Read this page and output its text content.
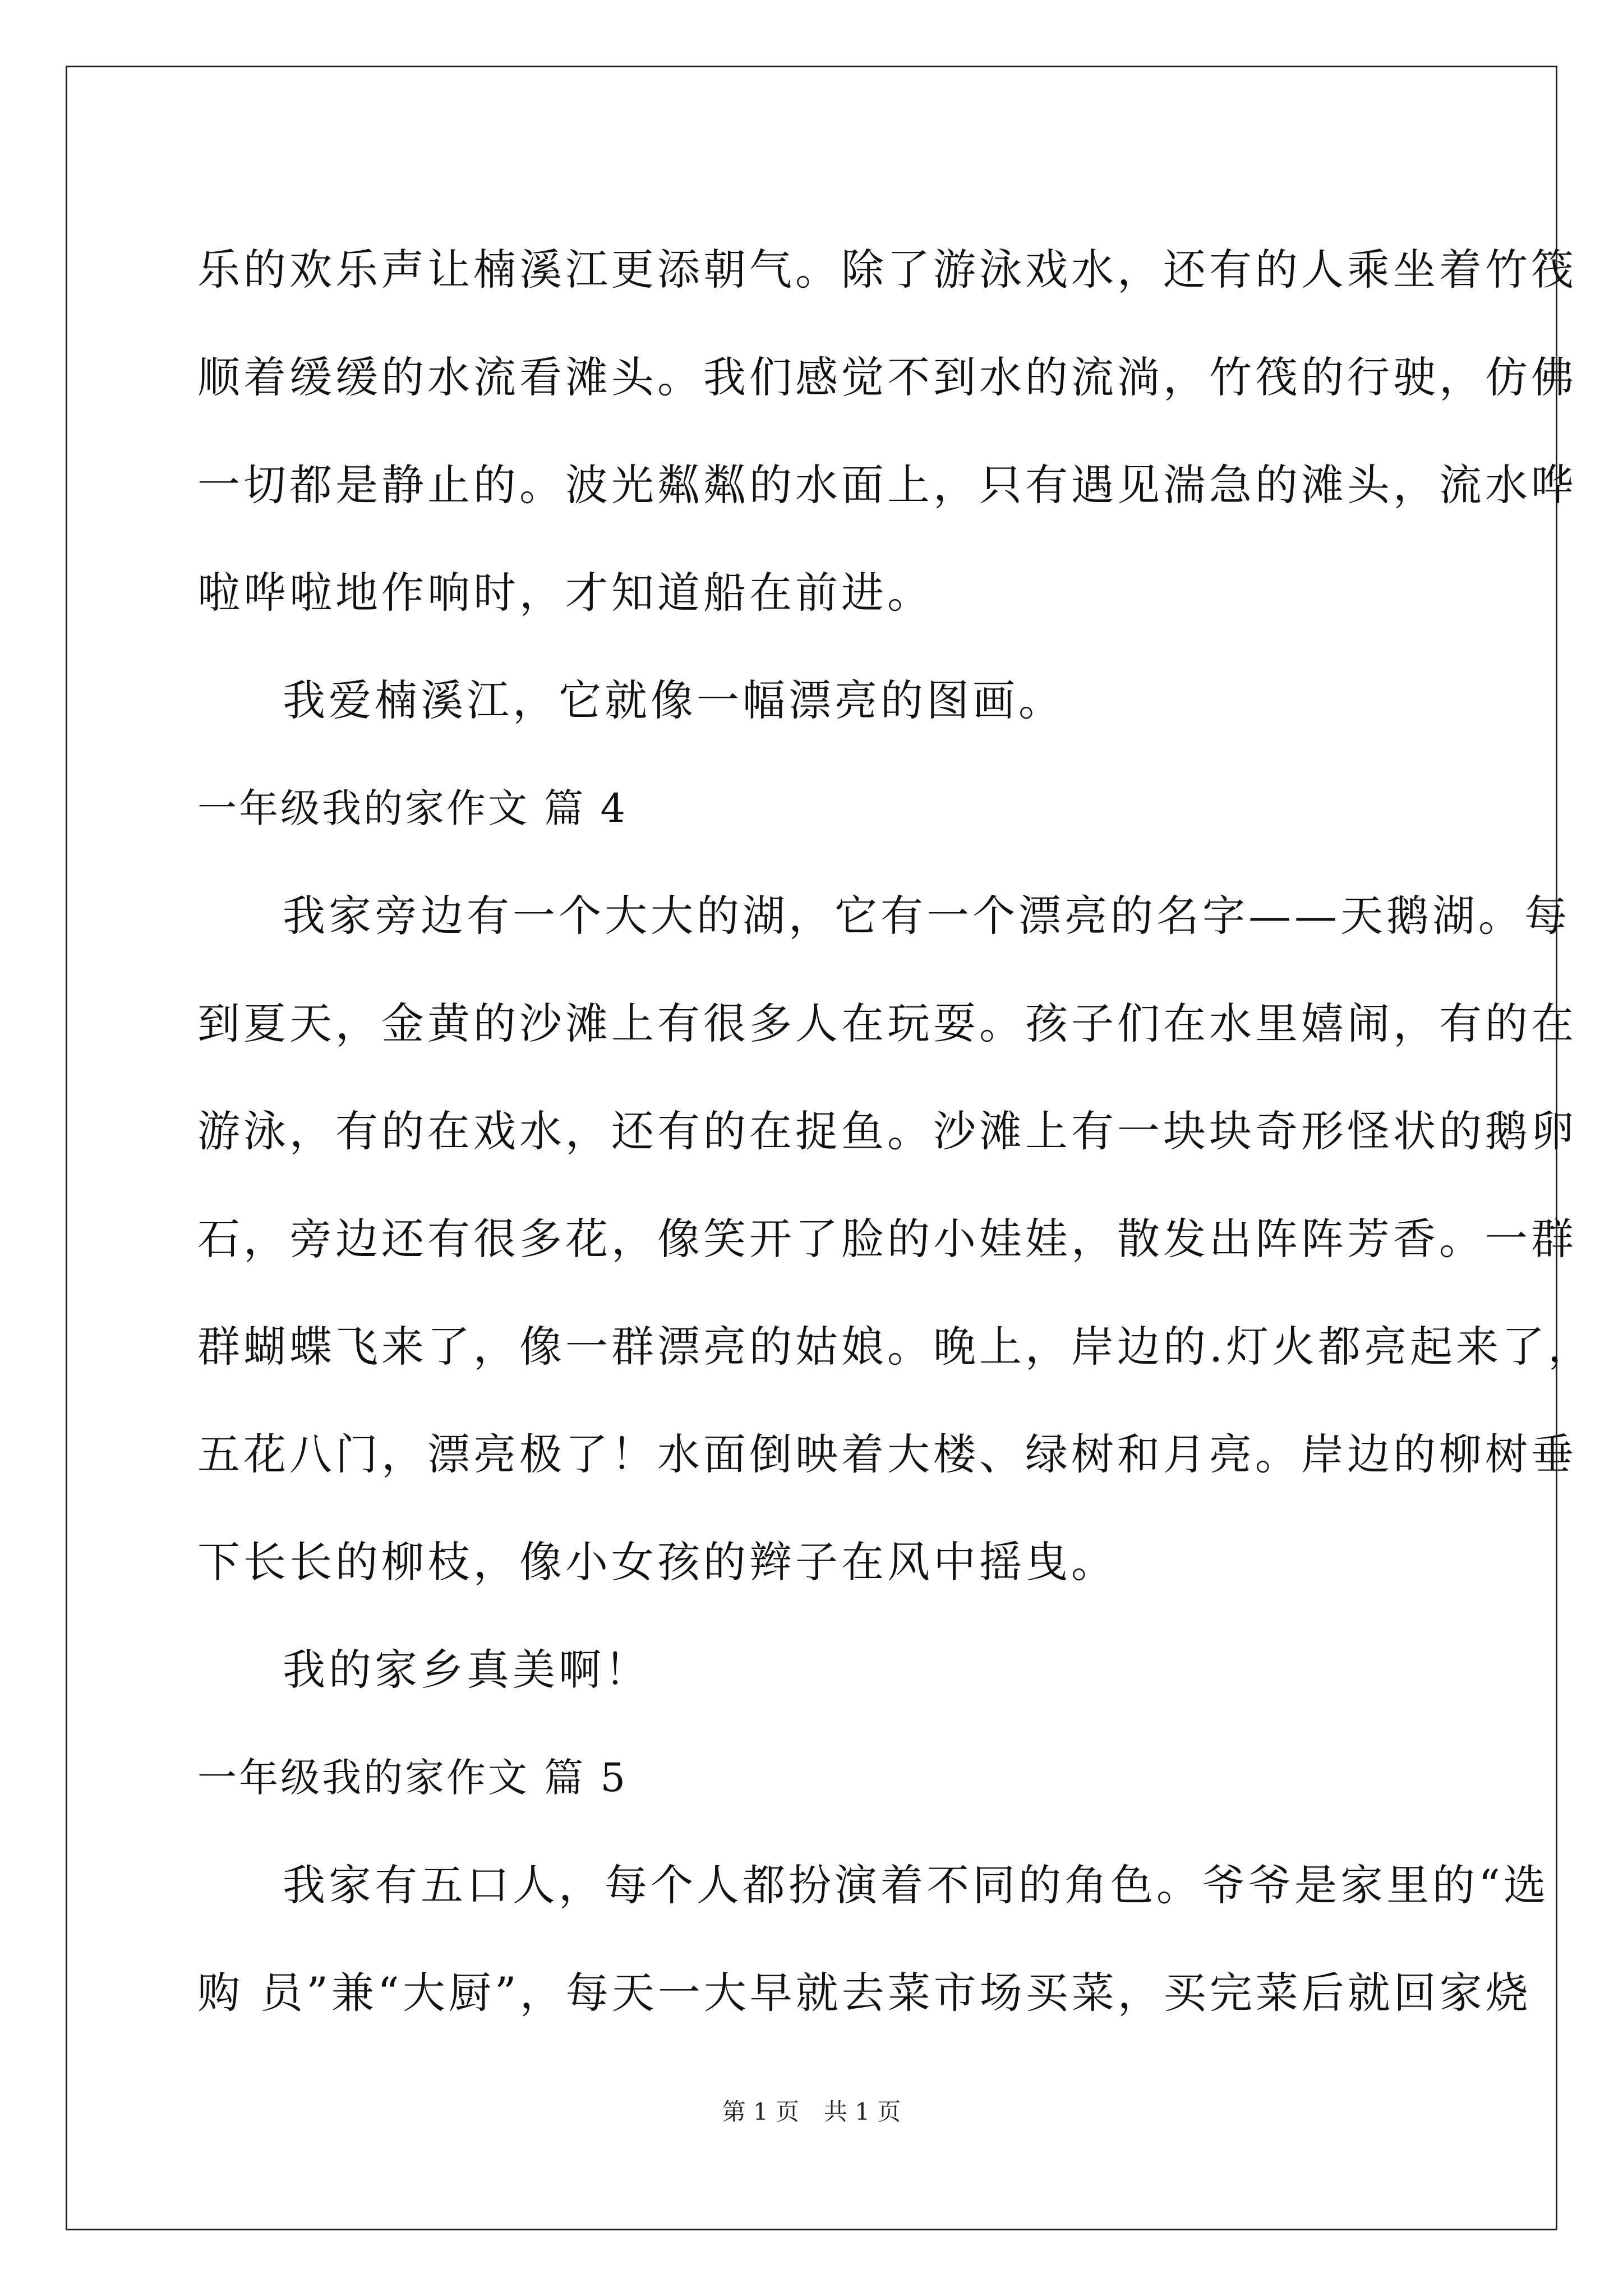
乐的欢乐声让楠溪江更添朝气。除了游泳戏水，还有的人乘坐着竹筏
顺着缓缓的水流看滩头。我们感觉不到水的流淌，竹筏的行驶，仿佛
一切都是静止的。波光粼粼的水面上，只有遇见湍急的滩头，流水哗
啦哗啦地作响时，才知道船在前进。
我爱楠溪江，它就像一幅漂亮的图画。
一年级我的家作文 篇 4
我家旁边有一个大大的湖，它有一个漂亮的名字——天鹅湖。每
到夏天，金黄的沙滩上有很多人在玩耍。孩子们在水里嬉闹，有的在
游泳，有的在戏水，还有的在捉鱼。沙滩上有一块块奇形怪状的鹅卵
石，旁边还有很多花，像笑开了脸的小娃娃，散发出阵阵芳香。一群
群蝴蝶飞来了，像一群漂亮的姑娘。晚上，岸边的.灯火都亮起来了，
五花八门，漂亮极了！水面倒映着大楼、绿树和月亮。岸边的柳树垂
下长长的柳枝，像小女孩的辫子在风中摇曳。
我的家乡真美啊！
一年级我的家作文 篇 5
我家有五口人，每个人都扮演着不同的角色。爷爷是家里的“选
购 员”兼“大厨”，每天一大早就去菜市场买菜，买完菜后就回家烧
第 1 页 共 1 页
